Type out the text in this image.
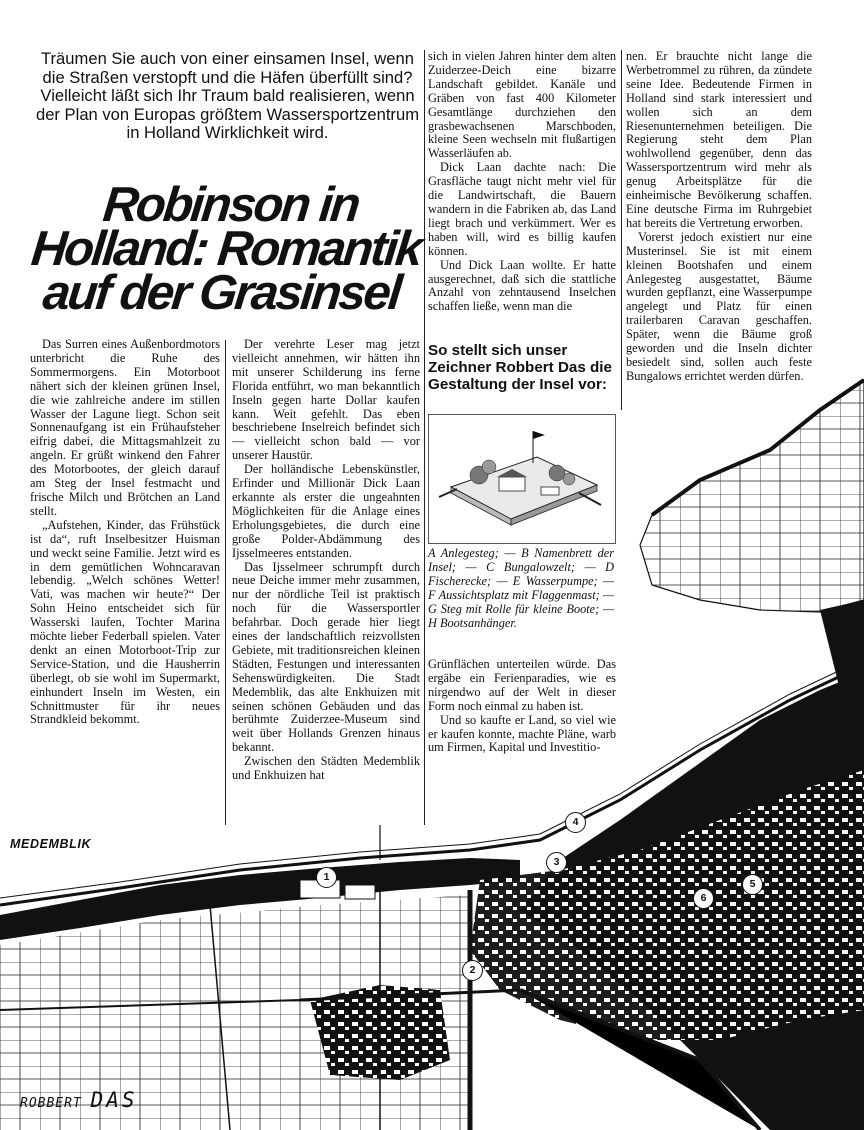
Träumen Sie auch von einer einsamen Insel, wenn die Straßen verstopft und die Häfen überfüllt sind? Vielleicht läßt sich Ihr Traum bald realisieren, wenn der Plan von Europas größtem Wassersportzentrum in Holland Wirklichkeit wird.
Robinson in
Holland: Romantik
auf der Grasinsel

Das Surren eines Außenbordmotors unterbricht die Ruhe des Sommermorgens. Ein Motorboot nähert sich der kleinen grünen Insel, die wie zahlreiche andere im stillen Wasser der Lagune liegt. Schon seit Sonnenaufgang ist ein Frühaufsteher eifrig dabei, die Mittagsmahlzeit zu angeln. Er grüßt winkend den Fahrer des Motorbootes, der gleich darauf am Steg der Insel festmacht und frische Milch und Brötchen an Land stellt.

„Aufstehen, Kinder, das Frühstück ist da“, ruft Inselbesitzer Huisman und weckt seine Familie. Jetzt wird es in dem gemütlichen Wohncaravan lebendig. „Welch schönes Wetter! Vati, was machen wir heute?“ Der Sohn Heino entscheidet sich für Wasserski laufen, Tochter Marina möchte lieber Federball spielen. Vater denkt an einen Motorboot-Trip zur Service-Station, und die Hausherrin überlegt, ob sie wohl im Supermarkt, einhundert Inseln im Westen, ein Schnittmuster für ihr neues Strandkleid bekommt.

Der verehrte Leser mag jetzt vielleicht annehmen, wir hätten ihn mit unserer Schilderung ins ferne Florida entführt, wo man bekanntlich Inseln gegen harte Dollar kaufen kann. Weit gefehlt. Das eben beschriebene Inselreich befindet sich — vielleicht schon bald — vor unserer Haustür.

Der holländische Lebenskünstler, Erfinder und Millionär Dick Laan erkannte als erster die ungeahnten Möglichkeiten für die Anlage eines Erholungsgebietes, die durch eine große Polder-Abdämmung des Ijsselmeeres entstanden.

Das Ijsselmeer schrumpft durch neue Deiche immer mehr zusammen, nur der nördliche Teil ist praktisch noch für die Wassersportler befahrbar. Doch gerade hier liegt eines der landschaftlich reizvollsten Gebiete, mit traditionsreichen kleinen Städten, Festungen und interessanten Sehenswürdigkeiten. Die Stadt Medemblik, das alte Enkhuizen mit seinen schönen Gebäuden und das berühmte Zuiderzee-Museum sind weit über Hollands Grenzen hinaus bekannt.

Zwischen den Städten Medemblik und Enkhuizen hat

sich in vielen Jahren hinter dem alten Zuiderzee-Deich eine bizarre Landschaft gebildet. Kanäle und Gräben von fast 400 Kilometer Gesamtlänge durchziehen den grasbewachsenen Marschboden, kleine Seen wechseln mit flußartigen Wasserläufen ab.

Dick Laan dachte nach: Die Grasfläche taugt nicht mehr viel für die Landwirtschaft, die Bauern wandern in die Fabriken ab, das Land liegt brach und verkümmert. Wer es haben will, wird es billig kaufen können.

Und Dick Laan wollte. Er hatte ausgerechnet, daß sich die stattliche Anzahl von zehntausend Inselchen schaffen ließe, wenn man die

So stellt sich unser Zeichner Robbert Das die Gestaltung der Insel vor:
A Anlegesteg; — B Namenbrett der Insel; — C Bungalowzelt; — D Fischerecke; — E Wasserpumpe; — F Aussichtsplatz mit Flaggenmast; — G Steg mit Rolle für kleine Boote; — H Bootsanhänger.

Grünflächen unterteilen würde. Das ergäbe ein Ferienparadies, wie es nirgendwo auf der Welt in dieser Form noch einmal zu haben ist.

Und so kaufte er Land, so viel wie er kaufen konnte, machte Pläne, warb um Firmen, Kapital und Investitio-

nen. Er brauchte nicht lange die Werbetrommel zu rühren, da zündete seine Idee. Bedeutende Firmen in Holland sind stark interessiert und wollen sich an dem Riesenunternehmen beteiligen. Die Regierung steht dem Plan wohlwollend gegenüber, denn das Wassersportzentrum wird mehr als genug Arbeitsplätze für die einheimische Bevölkerung schaffen. Eine deutsche Firma im Ruhrgebiet hat bereits die Vertretung erworben.

Vorerst jedoch existiert nur eine Musterinsel. Sie ist mit einem kleinen Bootshafen und einem Anlegesteg ausgestattet, Bäume wurden gepflanzt, eine Wasserpumpe angelegt und Platz für einen trailerbaren Caravan geschaffen. Später, wenn die Bäume groß geworden und die Inseln dichter besiedelt sind, sollen auch feste Bungalows errichtet werden dürfen.

1
2
3
4
5
6
MEDEMBLIK
ROBBERT DAS
